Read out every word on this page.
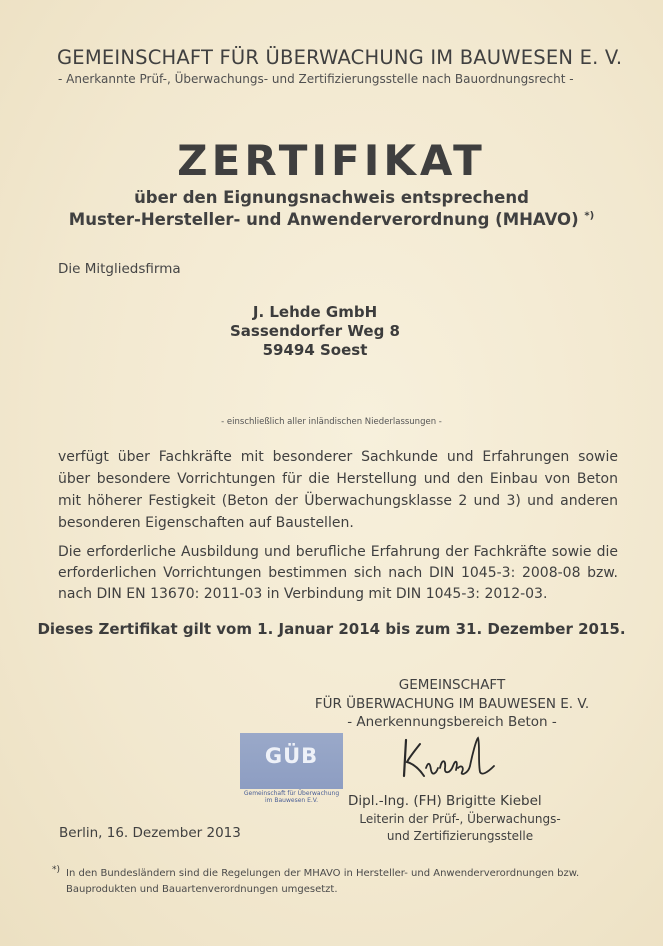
GEMEINSCHAFT FÜR ÜBERWACHUNG IM BAUWESEN E. V.
- Anerkannte Prüf-, Überwachungs- und Zertifizierungsstelle nach Bauordnungsrecht -
ZERTIFIKAT
über den Eignungsnachweis entsprechend
Muster-Hersteller- und Anwenderverordnung (MHAVO) *)
Die Mitgliedsfirma
J. Lehde GmbH
Sassendorfer Weg 8
59494 Soest
- einschließlich aller inländischen Niederlassungen -
verfügt über Fachkräfte mit besonderer Sachkunde und Erfahrungen sowie über besondere Vorrichtungen für die Herstellung und den Einbau von Beton mit höherer Festigkeit (Beton der Überwachungsklasse 2 und 3) und anderen besonderen Eigenschaften auf Baustellen.
Die erforderliche Ausbildung und berufliche Erfahrung der Fachkräfte sowie die erforderlichen Vorrichtungen bestimmen sich nach DIN 1045-3: 2008-08 bzw. nach DIN EN 13670: 2011-03 in Verbindung mit DIN 1045-3: 2012-03.
Dieses Zertifikat gilt vom 1. Januar 2014 bis zum 31. Dezember 2015.
GEMEINSCHAFT
FÜR ÜBERWACHUNG IM BAUWESEN E. V.
- Anerkennungsbereich Beton -
GÜB
Gemeinschaft für Überwachung
im Bauwesen E.V.	Dipl.-Ing. (FH) Brigitte Kiebel
Leiterin der Prüf-, Überwachungs-
und Zertifizierungsstelle
Berlin, 16. Dezember 2013
*) In den Bundesländern sind die Regelungen der MHAVO in Hersteller- und Anwenderverordnungen bzw. Bauprodukten und Bauartenverordnungen umgesetzt.
